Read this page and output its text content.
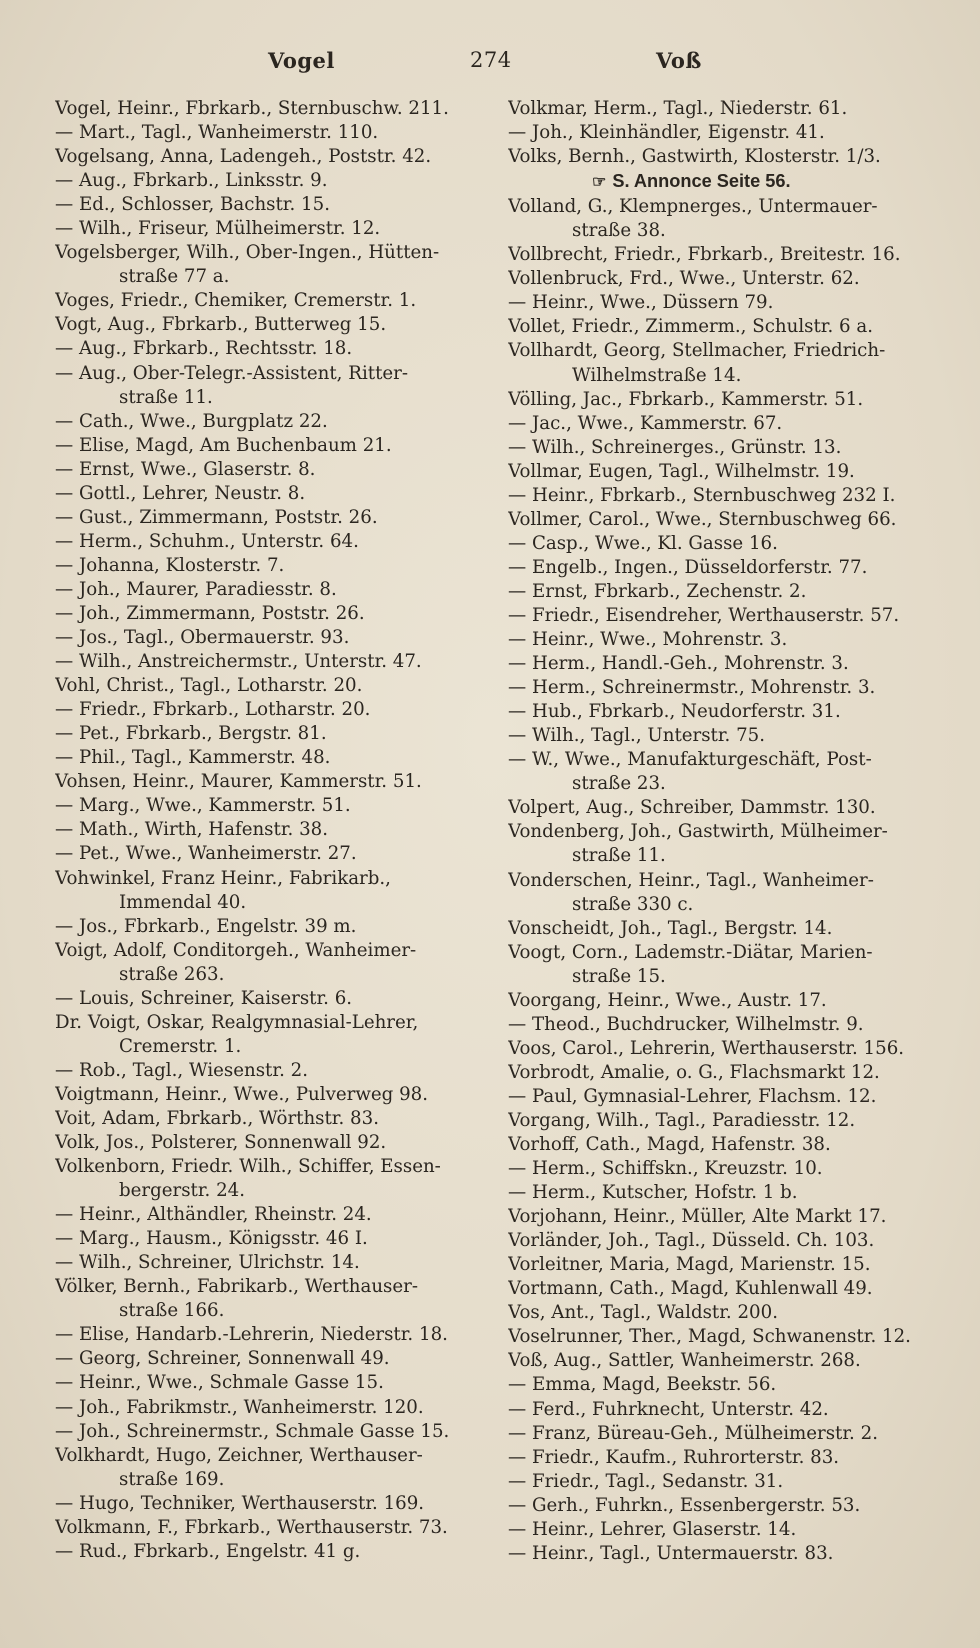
Vogel	274	Voß
Vogel, Heinr., Fbrkarb., Sternbuschw. 211.
— Mart., Tagl., Wanheimerstr. 110.
Vogelsang, Anna, Ladengeh., Poststr. 42.
— Aug., Fbrkarb., Linksstr. 9.
— Ed., Schlosser, Bachstr. 15.
— Wilh., Friseur, Mülheimerstr. 12.
Vogelsberger, Wilh., Ober-Ingen., Hütten-
straße 77 a.
Voges, Friedr., Chemiker, Cremerstr. 1.
Vogt, Aug., Fbrkarb., Butterweg 15.
— Aug., Fbrkarb., Rechtsstr. 18.
— Aug., Ober-Telegr.-Assistent, Ritter-
straße 11.
— Cath., Wwe., Burgplatz 22.
— Elise, Magd, Am Buchenbaum 21.
— Ernst, Wwe., Glaserstr. 8.
— Gottl., Lehrer, Neustr. 8.
— Gust., Zimmermann, Poststr. 26.
— Herm., Schuhm., Unterstr. 64.
— Johanna, Klosterstr. 7.
— Joh., Maurer, Paradiesstr. 8.
— Joh., Zimmermann, Poststr. 26.
— Jos., Tagl., Obermauerstr. 93.
— Wilh., Anstreichermstr., Unterstr. 47.
Vohl, Christ., Tagl., Lotharstr. 20.
— Friedr., Fbrkarb., Lotharstr. 20.
— Pet., Fbrkarb., Bergstr. 81.
— Phil., Tagl., Kammerstr. 48.
Vohsen, Heinr., Maurer, Kammerstr. 51.
— Marg., Wwe., Kammerstr. 51.
— Math., Wirth, Hafenstr. 38.
— Pet., Wwe., Wanheimerstr. 27.
Vohwinkel, Franz Heinr., Fabrikarb.,
Immendal 40.
— Jos., Fbrkarb., Engelstr. 39 m.
Voigt, Adolf, Conditorgeh., Wanheimer-
straße 263.
— Louis, Schreiner, Kaiserstr. 6.
Dr. Voigt, Oskar, Realgymnasial-Lehrer,
Cremerstr. 1.
— Rob., Tagl., Wiesenstr. 2.
Voigtmann, Heinr., Wwe., Pulverweg 98.
Voit, Adam, Fbrkarb., Wörthstr. 83.
Volk, Jos., Polsterer, Sonnenwall 92.
Volkenborn, Friedr. Wilh., Schiffer, Essen-
bergerstr. 24.
— Heinr., Althändler, Rheinstr. 24.
— Marg., Hausm., Königsstr. 46 I.
— Wilh., Schreiner, Ulrichstr. 14.
Völker, Bernh., Fabrikarb., Werthauser-
straße 166.
— Elise, Handarb.-Lehrerin, Niederstr. 18.
— Georg, Schreiner, Sonnenwall 49.
— Heinr., Wwe., Schmale Gasse 15.
— Joh., Fabrikmstr., Wanheimerstr. 120.
— Joh., Schreinermstr., Schmale Gasse 15.
Volkhardt, Hugo, Zeichner, Werthauser-
straße 169.
— Hugo, Techniker, Werthauserstr. 169.
Volkmann, F., Fbrkarb., Werthauserstr. 73.
— Rud., Fbrkarb., Engelstr. 41 g.
Volkmar, Herm., Tagl., Niederstr. 61.
— Joh., Kleinhändler, Eigenstr. 41.
Volks, Bernh., Gastwirth, Klosterstr. 1/3.
☞ S. Annonce Seite 56.
Volland, G., Klempnerges., Untermauer-
straße 38.
Vollbrecht, Friedr., Fbrkarb., Breitestr. 16.
Vollenbruck, Frd., Wwe., Unterstr. 62.
— Heinr., Wwe., Düssern 79.
Vollet, Friedr., Zimmerm., Schulstr. 6 a.
Vollhardt, Georg, Stellmacher, Friedrich-
Wilhelmstraße 14.
Völling, Jac., Fbrkarb., Kammerstr. 51.
— Jac., Wwe., Kammerstr. 67.
— Wilh., Schreinerges., Grünstr. 13.
Vollmar, Eugen, Tagl., Wilhelmstr. 19.
— Heinr., Fbrkarb., Sternbuschweg 232 I.
Vollmer, Carol., Wwe., Sternbuschweg 66.
— Casp., Wwe., Kl. Gasse 16.
— Engelb., Ingen., Düsseldorferstr. 77.
— Ernst, Fbrkarb., Zechenstr. 2.
— Friedr., Eisendreher, Werthauserstr. 57.
— Heinr., Wwe., Mohrenstr. 3.
— Herm., Handl.-Geh., Mohrenstr. 3.
— Herm., Schreinermstr., Mohrenstr. 3.
— Hub., Fbrkarb., Neudorferstr. 31.
— Wilh., Tagl., Unterstr. 75.
— W., Wwe., Manufakturgeschäft, Post-
straße 23.
Volpert, Aug., Schreiber, Dammstr. 130.
Vondenberg, Joh., Gastwirth, Mülheimer-
straße 11.
Vonderschen, Heinr., Tagl., Wanheimer-
straße 330 c.
Vonscheidt, Joh., Tagl., Bergstr. 14.
Voogt, Corn., Lademstr.-Diätar, Marien-
straße 15.
Voorgang, Heinr., Wwe., Austr. 17.
— Theod., Buchdrucker, Wilhelmstr. 9.
Voos, Carol., Lehrerin, Werthauserstr. 156.
Vorbrodt, Amalie, o. G., Flachsmarkt 12.
— Paul, Gymnasial-Lehrer, Flachsm. 12.
Vorgang, Wilh., Tagl., Paradiesstr. 12.
Vorhoff, Cath., Magd, Hafenstr. 38.
— Herm., Schiffskn., Kreuzstr. 10.
— Herm., Kutscher, Hofstr. 1 b.
Vorjohann, Heinr., Müller, Alte Markt 17.
Vorländer, Joh., Tagl., Düsseld. Ch. 103.
Vorleitner, Maria, Magd, Marienstr. 15.
Vortmann, Cath., Magd, Kuhlenwall 49.
Vos, Ant., Tagl., Waldstr. 200.
Voselrunner, Ther., Magd, Schwanenstr. 12.
Voß, Aug., Sattler, Wanheimerstr. 268.
— Emma, Magd, Beekstr. 56.
— Ferd., Fuhrknecht, Unterstr. 42.
— Franz, Büreau-Geh., Mülheimerstr. 2.
— Friedr., Kaufm., Ruhrorterstr. 83.
— Friedr., Tagl., Sedanstr. 31.
— Gerh., Fuhrkn., Essenbergerstr. 53.
— Heinr., Lehrer, Glaserstr. 14.
— Heinr., Tagl., Untermauerstr. 83.
